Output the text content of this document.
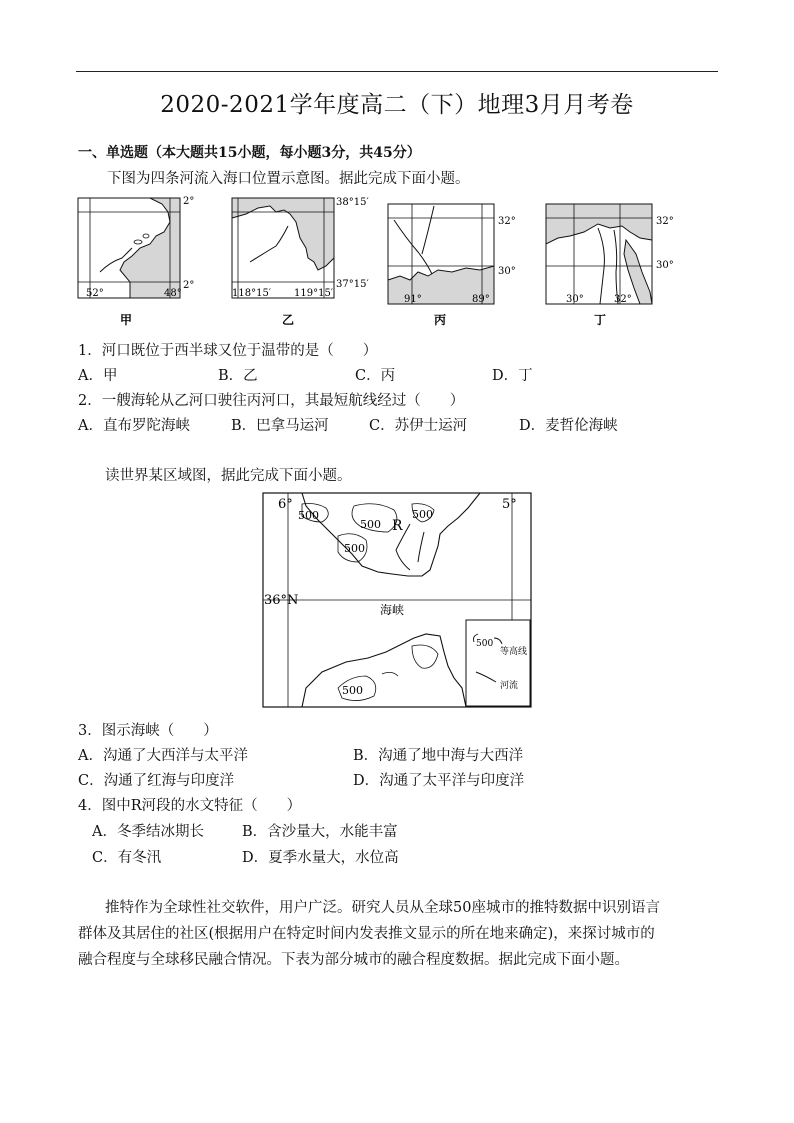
2020-2021学年度高二（下）地理3月月考卷
一、单选题（本大题共15小题，每小题3分，共45分）
下图为四条河流入海口位置示意图。据此完成下面小题。
2°
2°
52°	48°
甲
38°15′
37°15′
118°15′ 119°15′
乙
32°
30°
91°	89°
丙
32°
30°
30°	32°
丁
1．河口既位于西半球又位于温带的是（　　）
A．甲	B．乙	C．丙	D．丁
2．一艘海轮从乙河口驶往丙河口，其最短航线经过（　　）
A．直布罗陀海峡	B．巴拿马运河	C．苏伊士运河	D．麦哲伦海峡
读世界某区域图，据此完成下面小题。
6°	5°
36°N
海峡
R
500
500
500
500
500
500
等高线
河流
3．图示海峡（　　）
A．沟通了大西洋与太平洋	B．沟通了地中海与大西洋
C．沟通了红海与印度洋	D．沟通了太平洋与印度洋
4．图中R河段的水文特征（　　）
A．冬季结冰期长	B．含沙量大，水能丰富
C．有冬汛	D．夏季水量大，水位高
推特作为全球性社交软件，用户广泛。研究人员从全球50座城市的推特数据中识别语言
群体及其居住的社区(根据用户在特定时间内发表推文显示的所在地来确定)，来探讨城市的
融合程度与全球移民融合情况。下表为部分城市的融合程度数据。据此完成下面小题。
